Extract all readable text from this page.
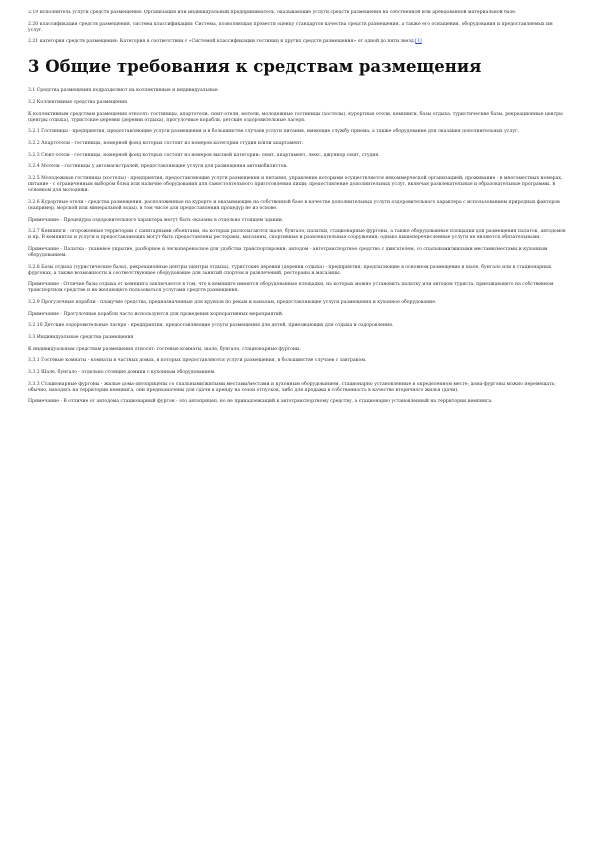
2.19 исполнитель услуги средств размещения: Организация или индивидуальный предприниматель, оказывающие услуги средств размещения на собственной или арендованной материальной базе.

2.20 классификация средств размещения, система классификации: Система, позволяющая провести оценку стандартов качества средств размещения, а также его оснащения, оборудования и предоставляемых им услуг.

2.21 категория средств размещения: Категория в соответствии с «Системой классификации гостиниц и других средств размещения» от одной до пяти звезд.[1]

3 Общие требования к средствам размещения

3.1 Средства размещения подразделяют на коллективные и индивидуальные.

3.2 Коллективные средства размещения

К коллективным средствам размещения относят: гостиницы, апартотели, сюит-отели, мотели, молодежные гостиницы (хостелы), курортные отели, кемпинги, базы отдыха, туристические базы, рекреационные центры (центры отдыха), туристские деревни (деревни отдыха), прогулочные корабли, детские оздоровительные лагеря.

3.2.1 Гостиницы - предприятия, предоставляющие услуги размещения и в большинстве случаев услуги питания, имеющие службу приема, а также оборудование для оказания дополнительных услуг.

3.2.2 Апартотели - гостиницы, номерной фонд которых состоит из номеров категории студия и/или апартамент.

3.2.3 Сюит-отели - гостиницы, номерной фонд которых состоит из номеров высшей категории: сюит, апартамент, люкс, джуниор сюит, студия.

3.2.4 Мотели - гостиницы у автомагистралей, предоставляющие услуги для размещения автомобилистов.

3.2.5 Молодежные гостиницы (хостелы) - предприятия, предоставляющие услуги размещения и питания, управление которыми осуществляется некоммерческой организацией; проживание - в многоместных номерах, питание - с ограниченным выбором блюд или наличие оборудования для самостоятельного приготовления пищи; предоставление дополнительных услуг, включая развлекательные и образовательные программы, в основном для молодежи.

3.2.6 Курортные отели - средства размещения, расположенные на курорте и оказывающие на собственной базе в качестве дополнительных услуги оздоровительного характера с использованием природных факторов (например, морской или минеральной воды), в том числе для предоставления процедур не из основе.

Примечание - Процедуры оздоровительного характера могут быть оказаны в отдельно стоящем здании.

3.2.7 Кемпинги - огороженные территории с санитарными объектами, на которых располагаются шале, бунгало, палатки, стационарные фургоны, а также оборудованные площадки для размещения палаток, автодомов и пр. В кемпингах и услуги и предоставляющих могут быть предоставлены рестораны, магазины, спортивные и развлекательные сооружения; однако вышеперечисленные услуги не являются обязательными.

Примечание - Палатка - тканевое укрытие, разборное и легкопереносное для удобства транспортировки; автодом - автотранспортное средство с двигателем, со спальными/жилыми местами/местами и кухонным оборудованием.

3.2.8 Базы отдыха (туристические базы), рекреационные центры (центры отдыха), туристские деревни (деревни отдыха) - предприятия, предлагающие в основном размещение в шале, бунгало или в стационарных фургонах, а также возможности и соответствующее оборудование для занятий спортом и развлечений, рестораны и магазины.

Примечание - Отличие базы отдыха от кемпинга заключается в том, что в кемпинге имеются оборудованные площадки, на которых можно установить палатку или автодом туриста, приезжающего на собственном транспортном средстве и не желающего пользоваться услугами средств размещения.

3.2.9 Прогулочные корабли - плавучие средства, предназначенные для круизов по рекам и каналам, предоставляющие услуги размещения и кухонное оборудование.

Примечание - Прогулочные корабли часто используются для проведения корпоративных мероприятий.

3.2.10 Детские оздоровительные лагеря - предприятия, предоставляющие услуги размещения для детей, приезжающих для отдыха и оздоровления.

3.3 Индивидуальные средства размещения

К индивидуальным средствам размещения относят: гостевые комнаты, шале, бунгало, стационарные фургоны.

3.3.1 Гостевые комнаты - комнаты в частных домах, в которых предоставляются услуги размещения, в большинстве случаев с завтраком.

3.3.2 Шале, бунгало - отдельно стоящие домики с кухонным оборудованием.

3.3.3 Стационарные фургоны - жилые дома-автоприцепы со спальными/жилыми местами/местами и кухонным оборудованием, стационарно установленные в определенном месте; дома-фургоны можно перемещать; обычно, находясь на территории кемпинга, они предназначены для сдачи в аренду на сезон отпусков, либо для продажи в собственность в качестве вторичного жилья (дачи).

Примечание - В отличие от автодома стационарный фургон - это автоприцеп, но не принадлежащий к автотранспортному средству, а стационарно установленный на территории кемпинга.
